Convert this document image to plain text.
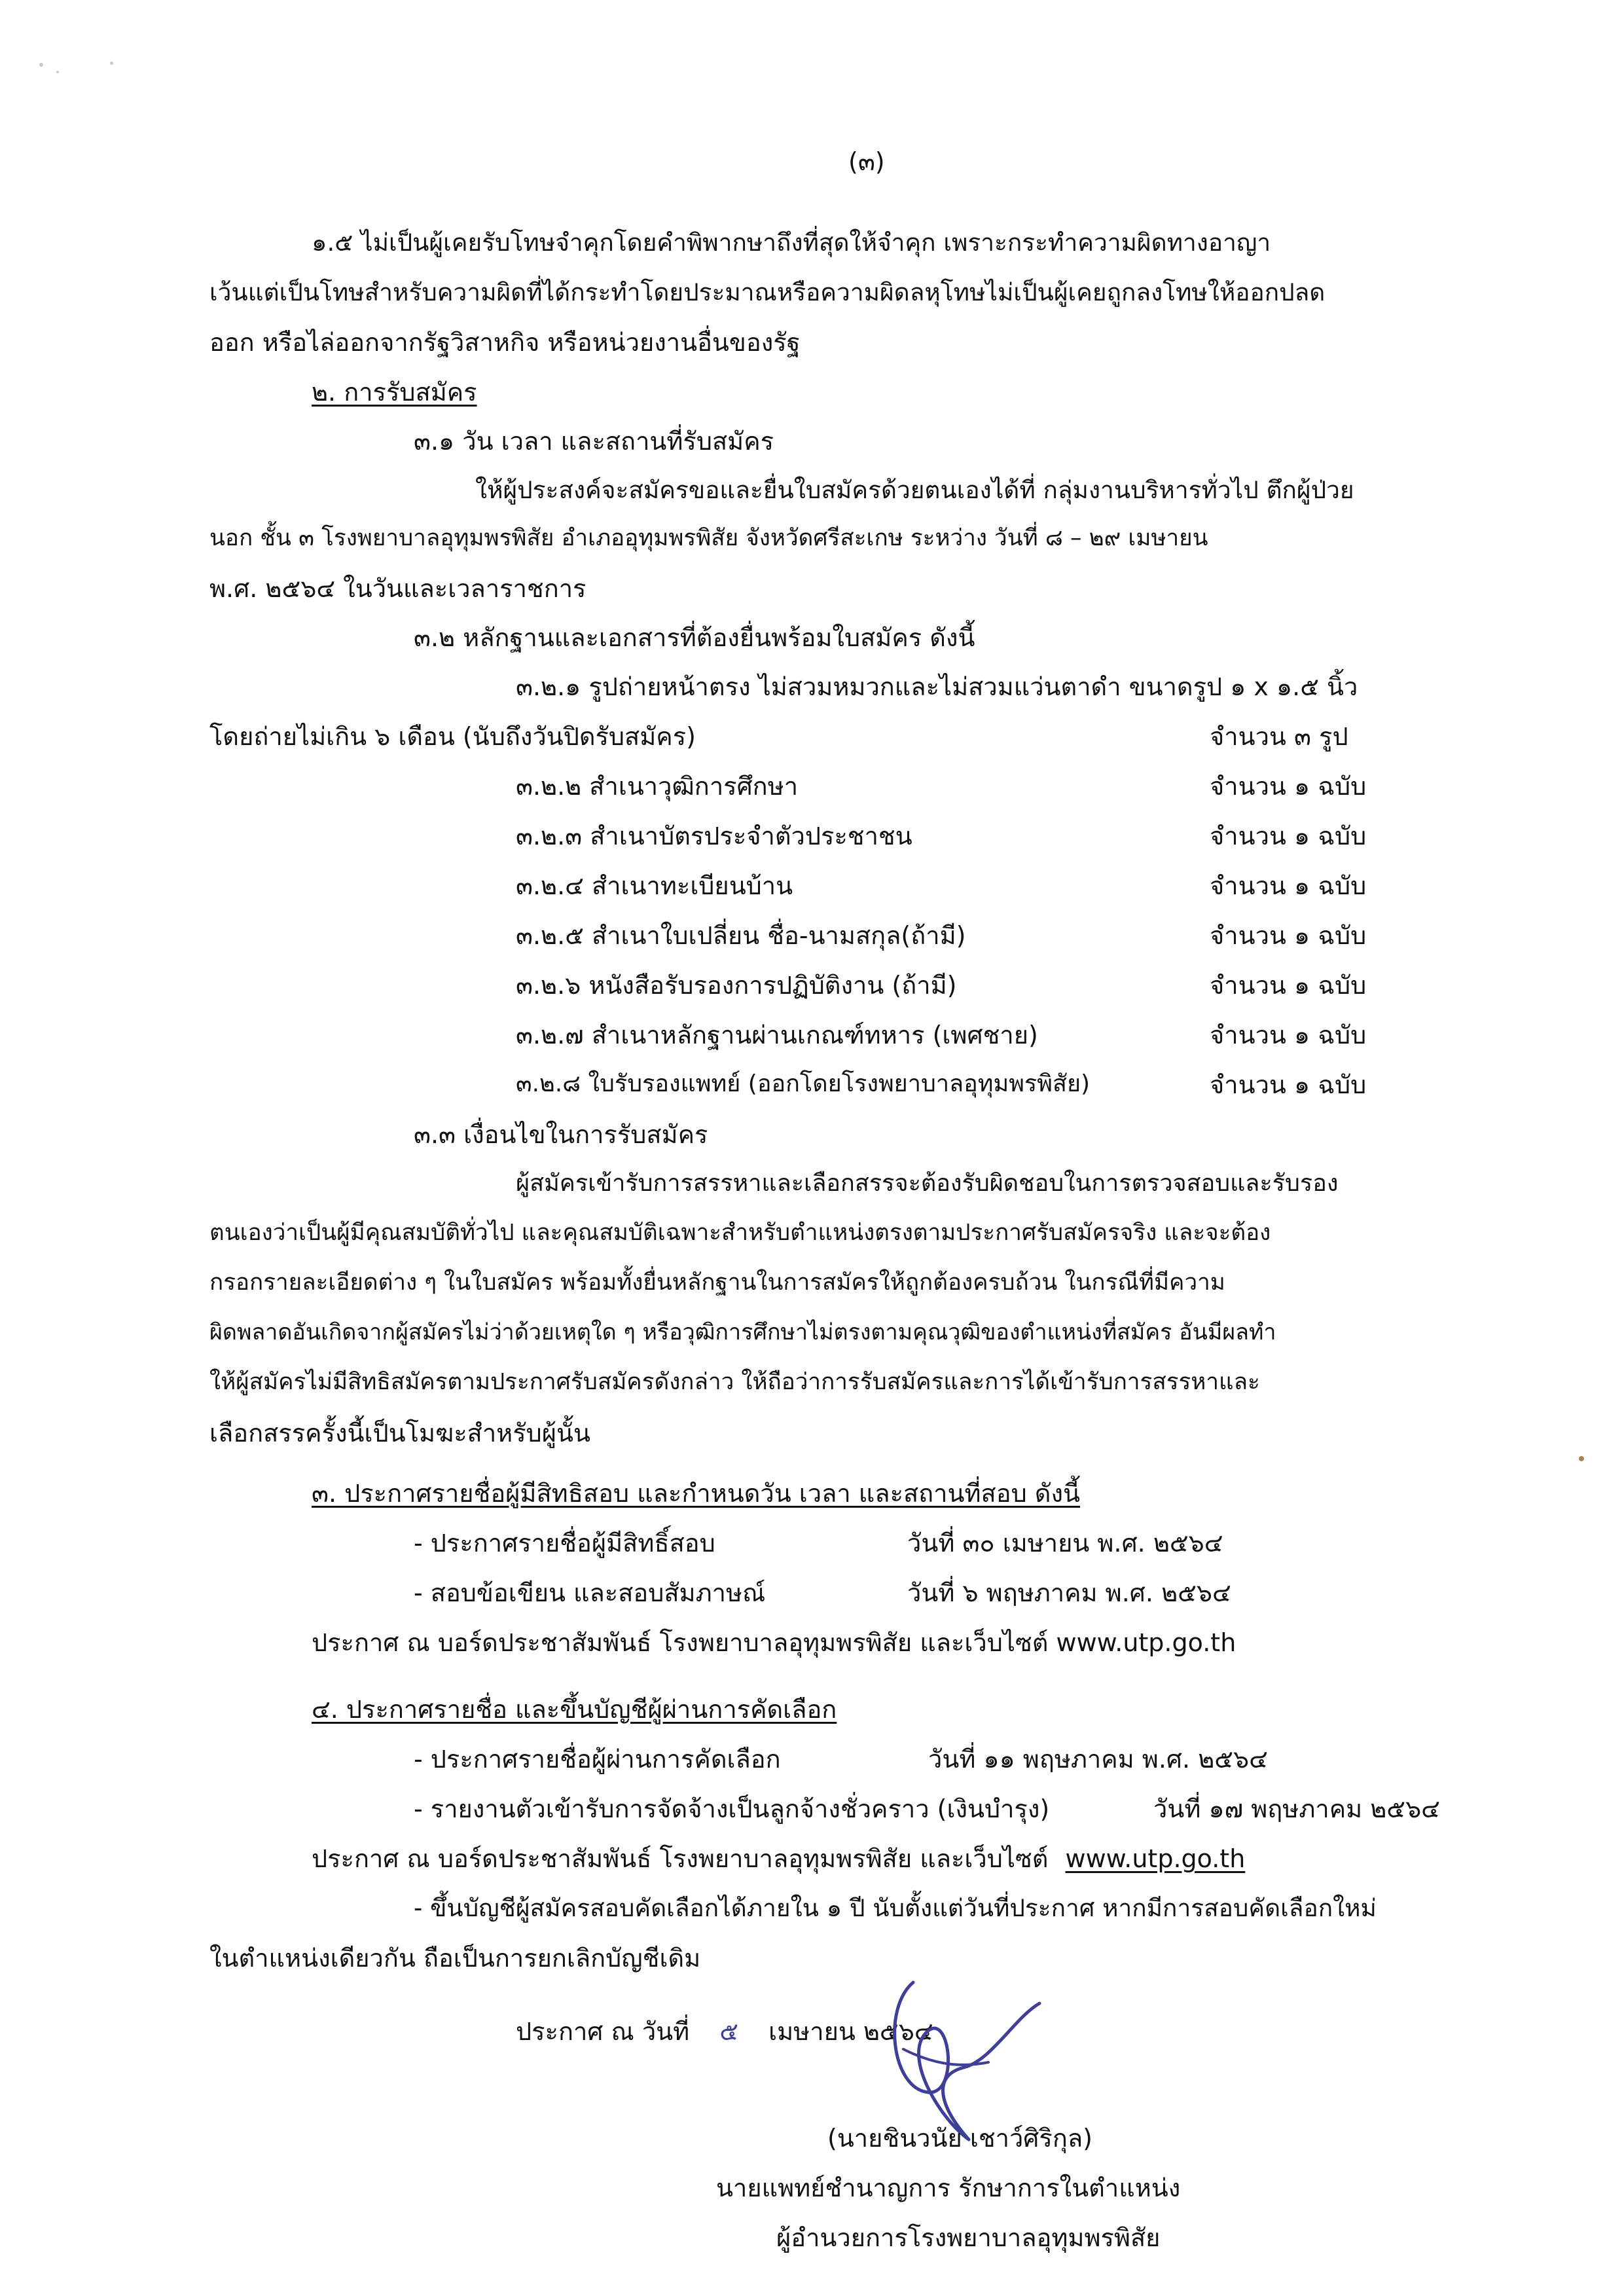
(๓)
๑.๕ ไม่เป็นผู้เคยรับโทษจำคุกโดยคำพิพากษาถึงที่สุดให้จำคุก เพราะกระทำความผิดทางอาญา
เว้นแต่เป็นโทษสำหรับความผิดที่ได้กระทำโดยประมาณหรือความผิดลหุโทษไม่เป็นผู้เคยถูกลงโทษให้ออกปลด
ออก หรือไล่ออกจากรัฐวิสาหกิจ หรือหน่วยงานอื่นของรัฐ
๒. การรับสมัคร
๓.๑ วัน เวลา และสถานที่รับสมัคร
ให้ผู้ประสงค์จะสมัครขอและยื่นใบสมัครด้วยตนเองได้ที่ กลุ่มงานบริหารทั่วไป ตึกผู้ป่วย
นอก ชั้น ๓ โรงพยาบาลอุทุมพรพิสัย อำเภออุทุมพรพิสัย จังหวัดศรีสะเกษ ระหว่าง วันที่ ๘ – ๒๙ เมษายน
พ.ศ. ๒๕๖๔ ในวันและเวลาราชการ
๓.๒ หลักฐานและเอกสารที่ต้องยื่นพร้อมใบสมัคร ดังนี้
๓.๒.๑ รูปถ่ายหน้าตรง ไม่สวมหมวกและไม่สวมแว่นตาดำ ขนาดรูป ๑ x ๑.๕ นิ้ว
โดยถ่ายไม่เกิน ๖ เดือน (นับถึงวันปิดรับสมัคร)	จำนวน ๓ รูป
๓.๒.๒ สำเนาวุฒิการศึกษา	จำนวน ๑ ฉบับ
๓.๒.๓ สำเนาบัตรประจำตัวประชาชน	จำนวน ๑ ฉบับ
๓.๒.๔ สำเนาทะเบียนบ้าน	จำนวน ๑ ฉบับ
๓.๒.๕ สำเนาใบเปลี่ยน ชื่อ-นามสกุล(ถ้ามี)	จำนวน ๑ ฉบับ
๓.๒.๖ หนังสือรับรองการปฏิบัติงาน (ถ้ามี)	จำนวน ๑ ฉบับ
๓.๒.๗ สำเนาหลักฐานผ่านเกณฑ์ทหาร (เพศชาย)	จำนวน ๑ ฉบับ
๓.๒.๘ ใบรับรองแพทย์ (ออกโดยโรงพยาบาลอุทุมพรพิสัย)	จำนวน ๑ ฉบับ
๓.๓ เงื่อนไขในการรับสมัคร
ผู้สมัครเข้ารับการสรรหาและเลือกสรรจะต้องรับผิดชอบในการตรวจสอบและรับรอง
ตนเองว่าเป็นผู้มีคุณสมบัติทั่วไป และคุณสมบัติเฉพาะสำหรับตำแหน่งตรงตามประกาศรับสมัครจริง และจะต้อง
กรอกรายละเอียดต่าง ๆ ในใบสมัคร พร้อมทั้งยื่นหลักฐานในการสมัครให้ถูกต้องครบถ้วน ในกรณีที่มีความ
ผิดพลาดอันเกิดจากผู้สมัครไม่ว่าด้วยเหตุใด ๆ หรือวุฒิการศึกษาไม่ตรงตามคุณวุฒิของตำแหน่งที่สมัคร อันมีผลทำ
ให้ผู้สมัครไม่มีสิทธิสมัครตามประกาศรับสมัครดังกล่าว ให้ถือว่าการรับสมัครและการได้เข้ารับการสรรหาและ
เลือกสรรครั้งนี้เป็นโมฆะสำหรับผู้นั้น
๓. ประกาศรายชื่อผู้มีสิทธิสอบ และกำหนดวัน เวลา และสถานที่สอบ ดังนี้
- ประกาศรายชื่อผู้มีสิทธิ์สอบ	วันที่ ๓๐ เมษายน พ.ศ. ๒๕๖๔
- สอบข้อเขียน และสอบสัมภาษณ์	วันที่ ๖ พฤษภาคม พ.ศ. ๒๕๖๔
ประกาศ ณ บอร์ดประชาสัมพันธ์ โรงพยาบาลอุทุมพรพิสัย และเว็บไซต์ www.utp.go.th
๔. ประกาศรายชื่อ และขึ้นบัญชีผู้ผ่านการคัดเลือก
- ประกาศรายชื่อผู้ผ่านการคัดเลือก	วันที่ ๑๑ พฤษภาคม พ.ศ. ๒๕๖๔
- รายงานตัวเข้ารับการจัดจ้างเป็นลูกจ้างชั่วคราว (เงินบำรุง)	วันที่ ๑๗ พฤษภาคม ๒๕๖๔
ประกาศ ณ บอร์ดประชาสัมพันธ์ โรงพยาบาลอุทุมพรพิสัย และเว็บไซต์ www.utp.go.th
- ขึ้นบัญชีผู้สมัครสอบคัดเลือกได้ภายใน ๑ ปี นับตั้งแต่วันที่ประกาศ หากมีการสอบคัดเลือกใหม่
ในตำแหน่งเดียวกัน ถือเป็นการยกเลิกบัญชีเดิม
ประกาศ ณ วันที่ ๕ เมษายน ๒๕๖๔
(นายชินวนัย เชาว์ศิริกุล)
นายแพทย์ชำนาญการ รักษาการในตำแหน่ง
ผู้อำนวยการโรงพยาบาลอุทุมพรพิสัย
